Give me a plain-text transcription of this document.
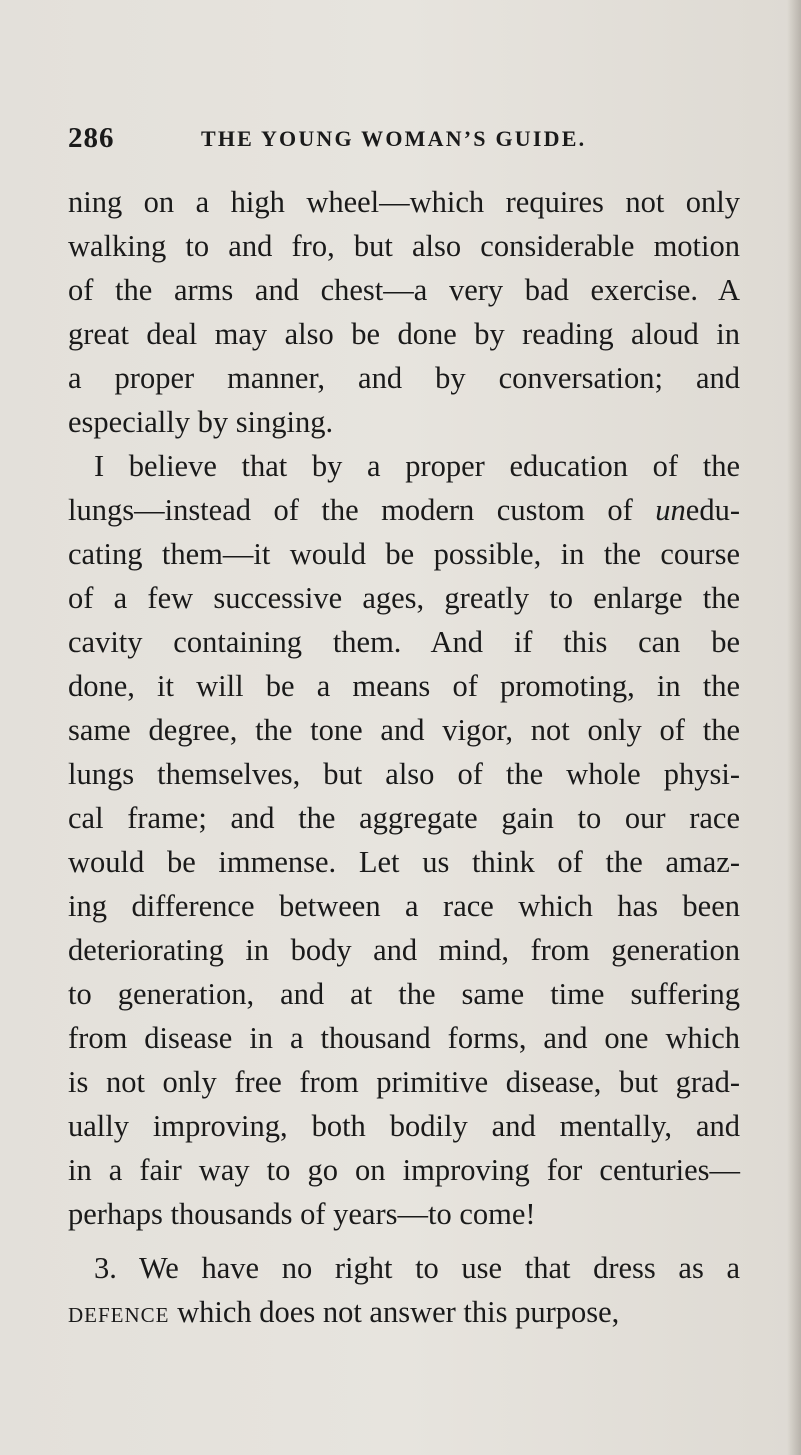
286	THE YOUNG WOMAN’S GUIDE.
ning on a high wheel—which requires not only
walking to and fro, but also considerable motion
of the arms and chest—a very bad exercise. A
great deal may also be done by reading aloud in
a proper manner, and by conversation; and
especially by singing.
I believe that by a proper education of the
lungs—instead of the modern custom of unedu-
cating them—it would be possible, in the course
of a few successive ages, greatly to enlarge the
cavity containing them. And if this can be
done, it will be a means of promoting, in the
same degree, the tone and vigor, not only of the
lungs themselves, but also of the whole physi-
cal frame; and the aggregate gain to our race
would be immense. Let us think of the amaz-
ing difference between a race which has been
deteriorating in body and mind, from generation
to generation, and at the same time suffering
from disease in a thousand forms, and one which
is not only free from primitive disease, but grad-
ually improving, both bodily and mentally, and
in a fair way to go on improving for centuries—
perhaps thousands of years—to come!
3. We have no right to use that dress as a
defence which does not answer this purpose,
